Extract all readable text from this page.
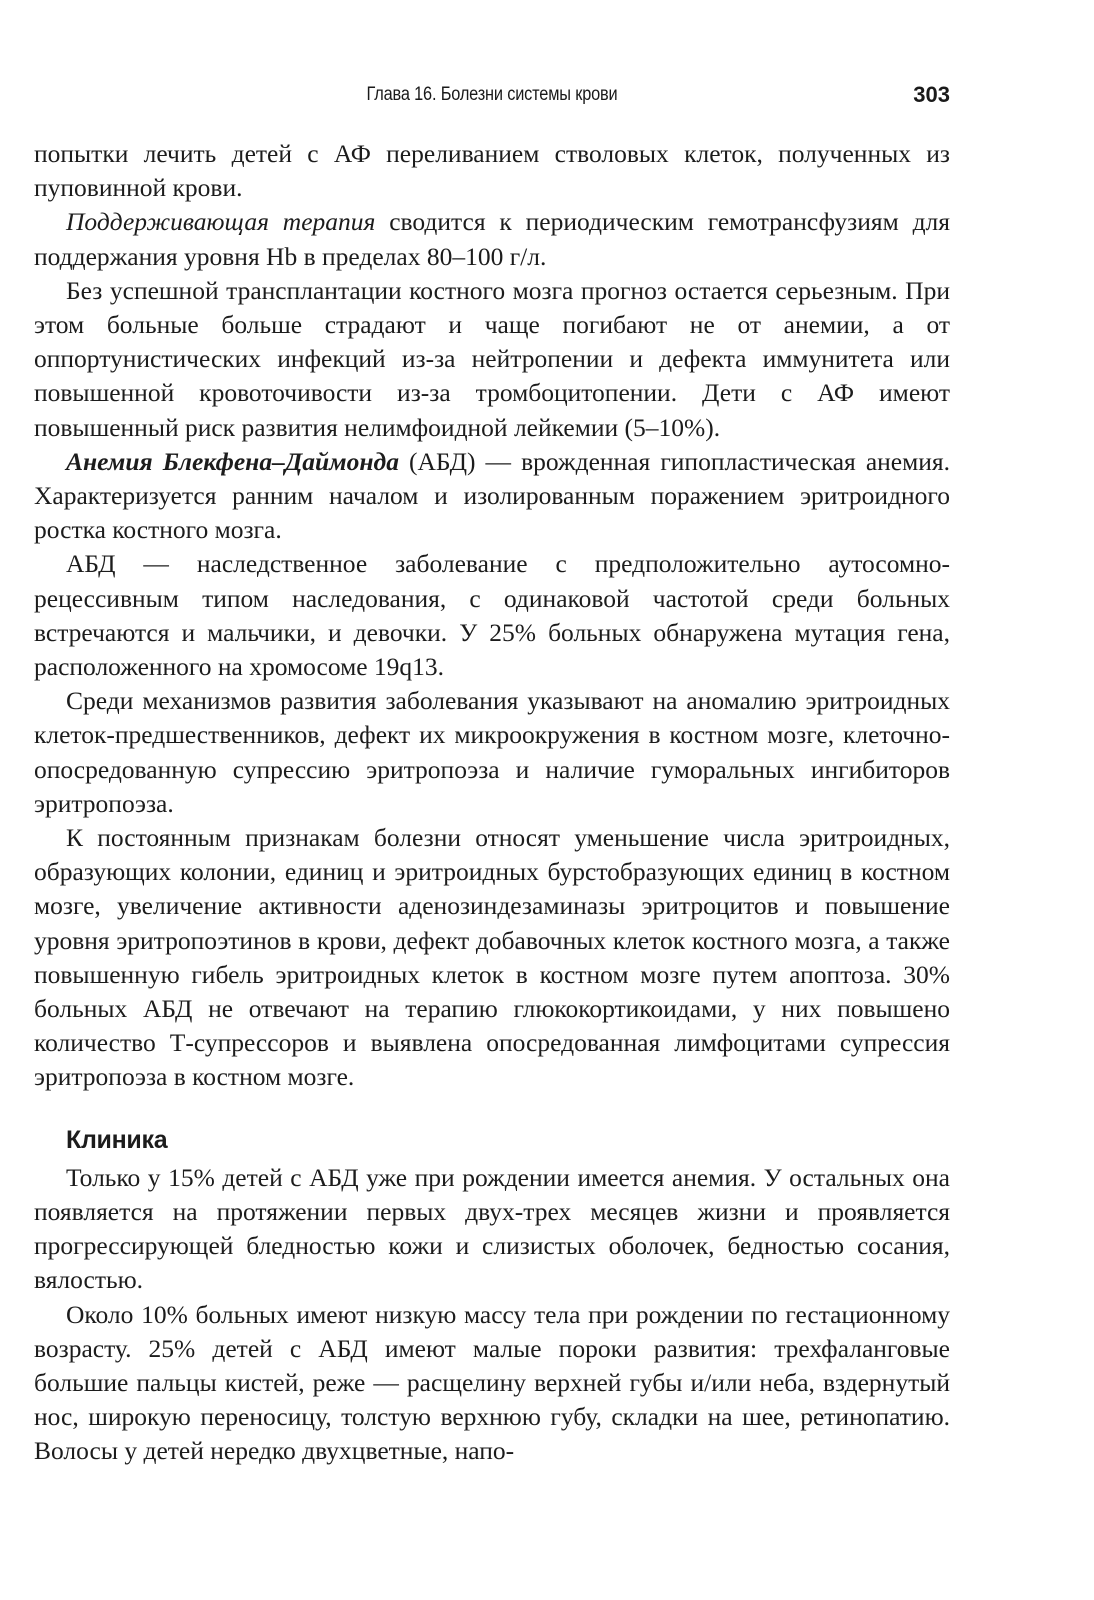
Глава 16. Болезни системы крови	303

попытки лечить детей с АФ переливанием стволовых клеток, полученных из пуповинной крови.

Поддерживающая терапия сводится к периодическим гемотрансфузиям для поддержания уровня Hb в пределах 80–100 г/л.

Без успешной трансплантации костного мозга прогноз остается серьезным. При этом больные больше страдают и чаще погибают не от анемии, а от оппортунистических инфекций из-за нейтропении и дефекта иммунитета или повышенной кровоточивости из-за тромбоцитопении. Дети с АФ имеют повышенный риск развития нелимфоидной лейкемии (5–10%).

Анемия Блекфена–Даймонда (АБД) — врожденная гипопластическая анемия. Характеризуется ранним началом и изолированным поражением эритроидного ростка костного мозга.

АБД — наследственное заболевание с предположительно аутосомно-рецессивным типом наследования, с одинаковой частотой среди больных встречаются и мальчики, и девочки. У 25% больных обнаружена мутация гена, расположенного на хромосоме 19q13.

Среди механизмов развития заболевания указывают на аномалию эритроидных клеток-предшественников, дефект их микроокружения в костном мозге, клеточно-опосредованную супрессию эритропоэза и наличие гуморальных ингибиторов эритропоэза.

К постоянным признакам болезни относят уменьшение числа эритроидных, образующих колонии, единиц и эритроидных бурстобразующих единиц в костном мозге, увеличение активности аденозиндезаминазы эритроцитов и повышение уровня эритропоэтинов в крови, дефект добавочных клеток костного мозга, а также повышенную гибель эритроидных клеток в костном мозге путем апоптоза. 30% больных АБД не отвечают на терапию глюкокортикоидами, у них повышено количество Т-супрессоров и выявлена опосредованная лимфоцитами супрессия эритропоэза в костном мозге.

Клиника

Только у 15% детей с АБД уже при рождении имеется анемия. У остальных она появляется на протяжении первых двух-трех месяцев жизни и проявляется прогрессирующей бледностью кожи и слизистых оболочек, бедностью сосания, вялостью.

Около 10% больных имеют низкую массу тела при рождении по гестационному возрасту. 25% детей с АБД имеют малые пороки развития: трехфаланговые большие пальцы кистей, реже — расщелину верхней губы и/или неба, вздернутый нос, широкую переносицу, толстую верхнюю губу, складки на шее, ретинопатию. Волосы у детей нередко двухцветные, напо-
